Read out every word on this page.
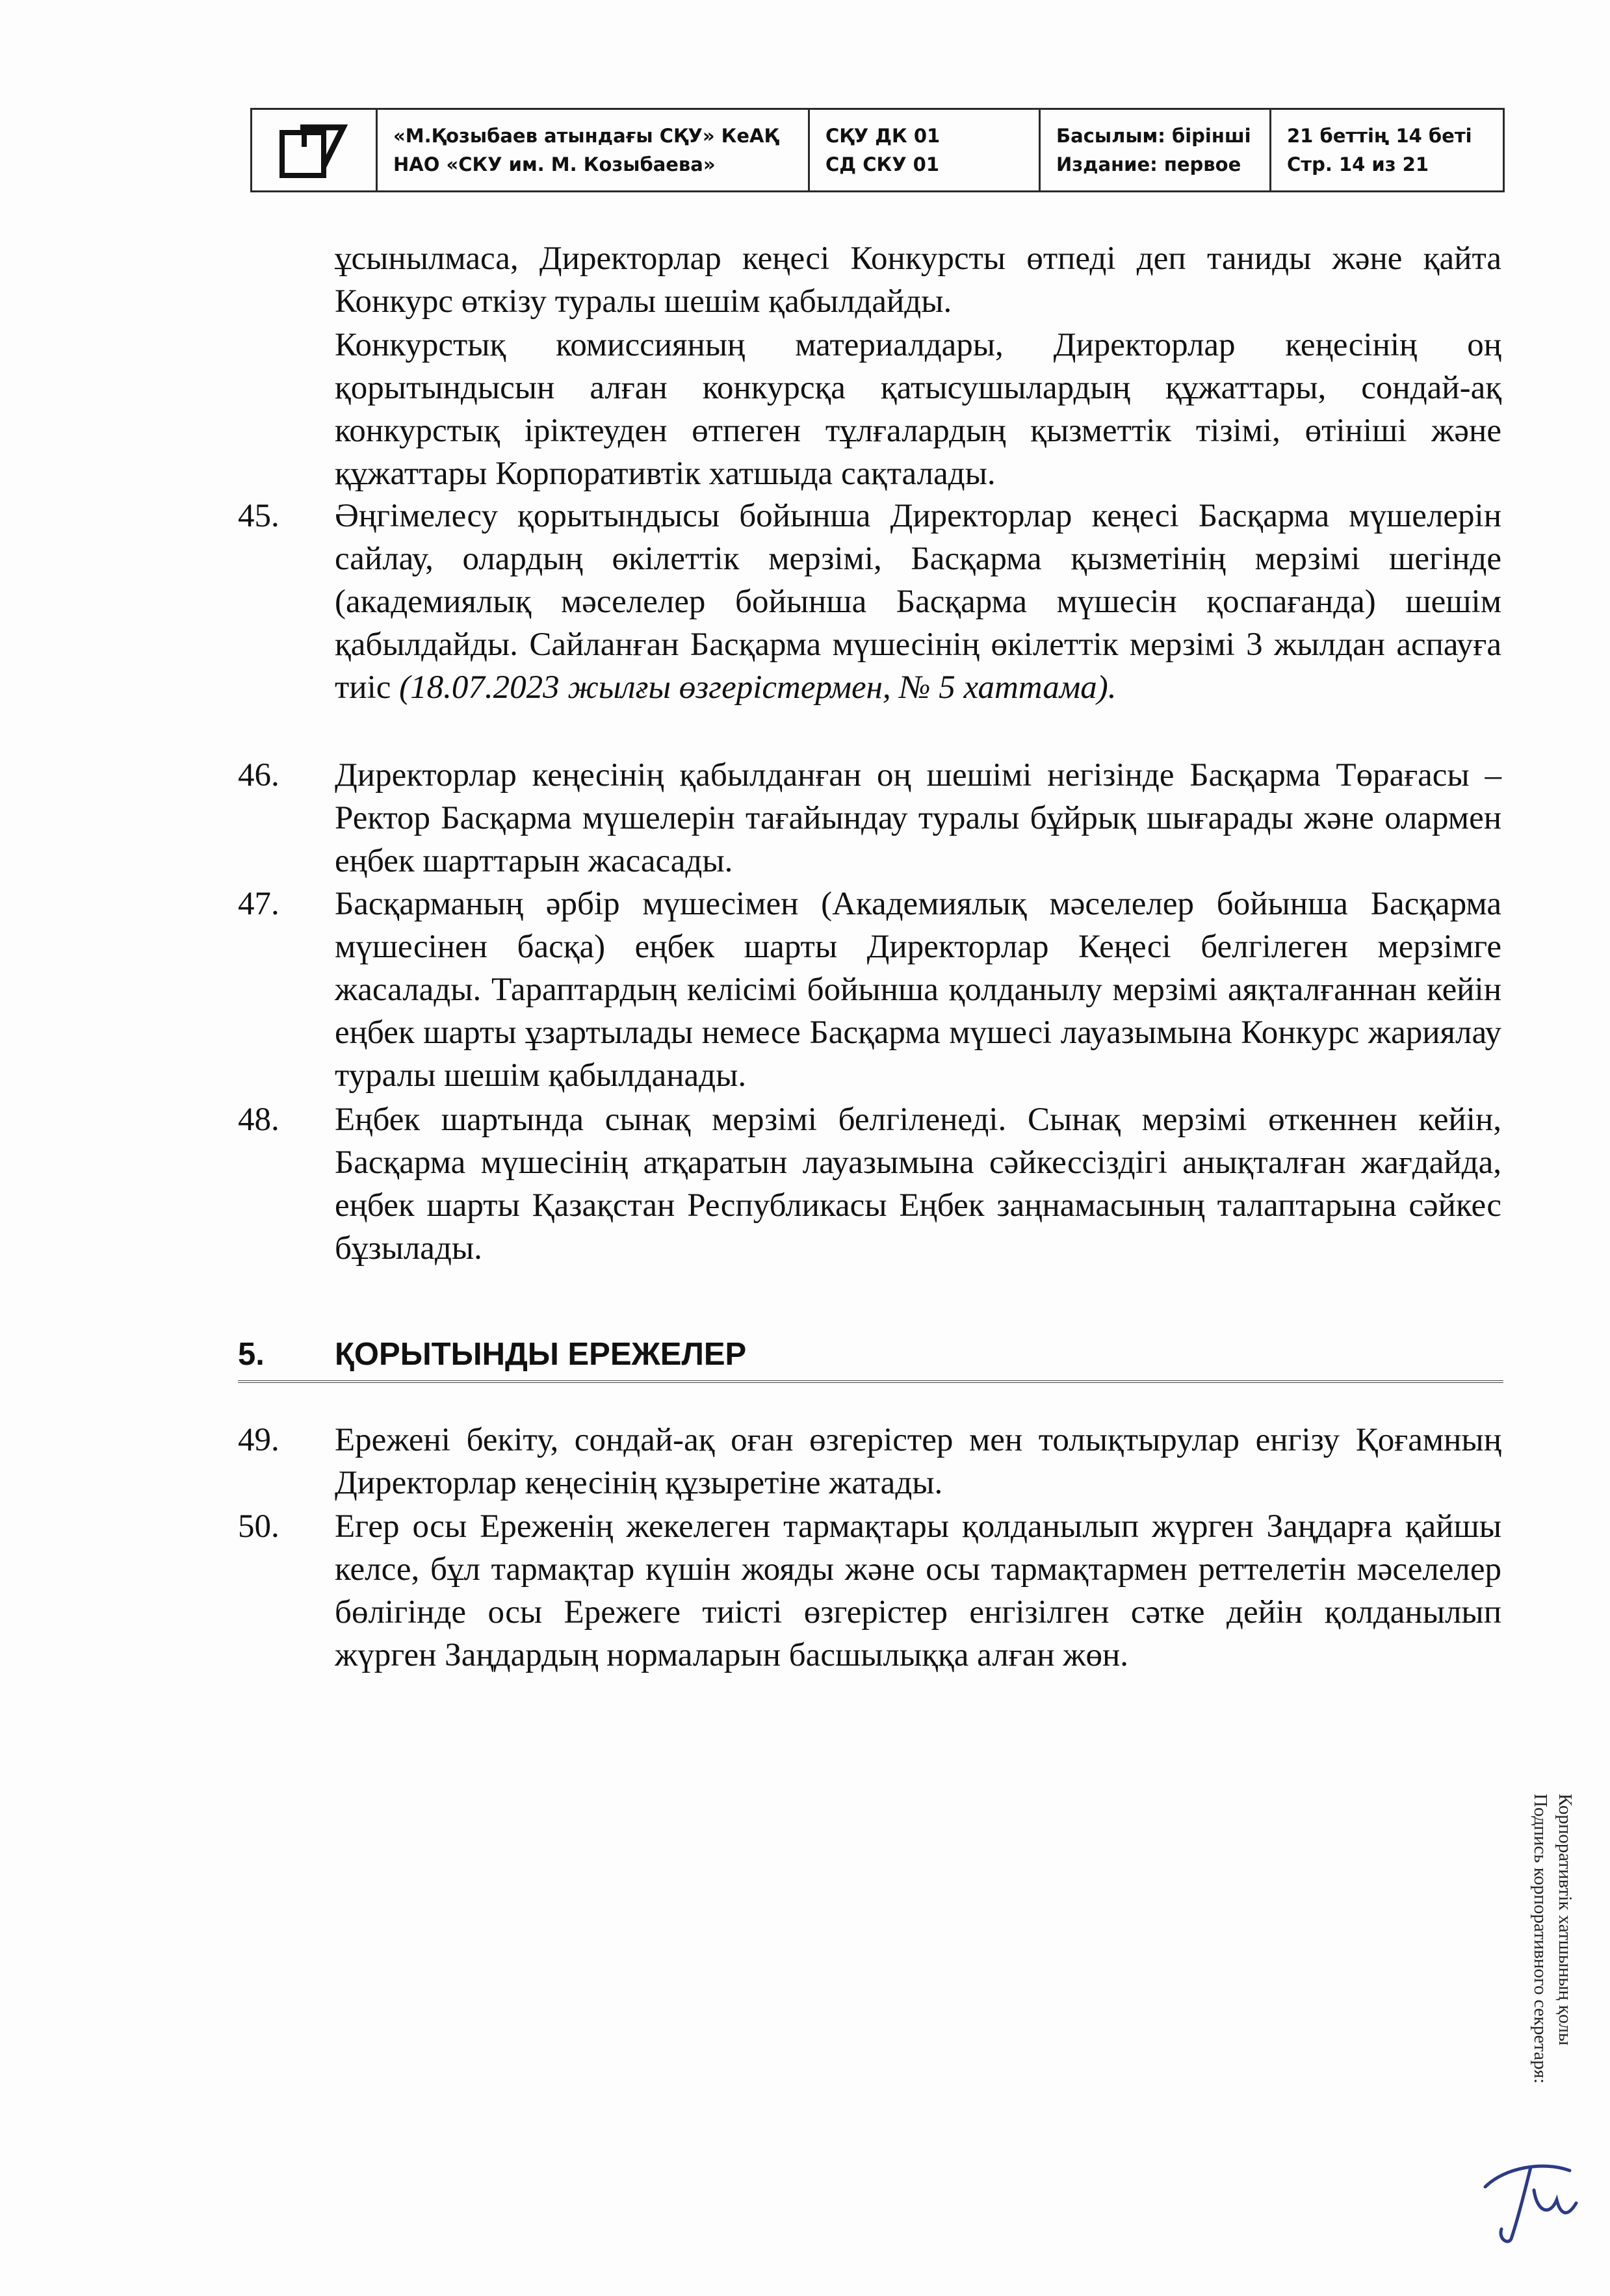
«М.Қозыбаев атындағы СҚУ» КеАҚ
НАО «СКУ им. М. Козыбаева»
СҚУ ДК 01
СД СКУ 01
Басылым: бірінші
Издание: первое
21 беттің 14 беті
Стр. 14 из 21
ұсынылмаса, Директорлар кеңесі Конкурсты өтпеді деп таниды және қайта Конкурс өткізу туралы шешім қабылдайды.
Конкурстық комиссияның материалдары, Директорлар кеңесінің оң қорытындысын алған конкурсқа қатысушылардың құжаттары, сондай-ақ конкурстық іріктеуден өтпеген тұлғалардың қызметтік тізімі, өтініші және құжаттары Корпоративтік хатшыда сақталады.
45. Әңгімелесу қорытындысы бойынша Директорлар кеңесі Басқарма мүшелерін сайлау, олардың өкілеттік мерзімі, Басқарма қызметінің мерзімі шегінде (академиялық мәселелер бойынша Басқарма мүшесін қоспағанда) шешім қабылдайды. Сайланған Басқарма мүшесінің өкілеттік мерзімі 3 жылдан аспауға тиіс (18.07.2023 жылғы өзгерістермен, № 5 хаттама).
46. Директорлар кеңесінің қабылданған оң шешімі негізінде Басқарма Төрағасы – Ректор Басқарма мүшелерін тағайындау туралы бұйрық шығарады және олармен еңбек шарттарын жасасады.
47. Басқарманың әрбір мүшесімен (Академиялық мәселелер бойынша Басқарма мүшесінен басқа) еңбек шарты Директорлар Кеңесі белгілеген мерзімге жасалады. Тараптардың келісімі бойынша қолданылу мерзімі аяқталғаннан кейін еңбек шарты ұзартылады немесе Басқарма мүшесі лауазымына Конкурс жариялау туралы шешім қабылданады.
48. Еңбек шартында сынақ мерзімі белгіленеді. Сынақ мерзімі өткеннен кейін, Басқарма мүшесінің атқаратын лауазымына сәйкессіздігі анықталған жағдайда, еңбек шарты Қазақстан Республикасы Еңбек заңнамасының талаптарына сәйкес бұзылады.
5. ҚОРЫТЫНДЫ ЕРЕЖЕЛЕР
49. Ережені бекіту, сондай-ақ оған өзгерістер мен толықтырулар енгізу Қоғамның Директорлар кеңесінің құзыретіне жатады.
50. Егер осы Ереженің жекелеген тармақтары қолданылып жүрген Заңдарға қайшы келсе, бұл тармақтар күшін жояды және осы тармақтармен реттелетін мәселелер бөлігінде осы Ережеге тиісті өзгерістер енгізілген сәтке дейін қолданылып жүрген Заңдардың нормаларын басшылыққа алған жөн.
Корпоративтік хатшының қолы
Подпись корпоративного секретаря:
